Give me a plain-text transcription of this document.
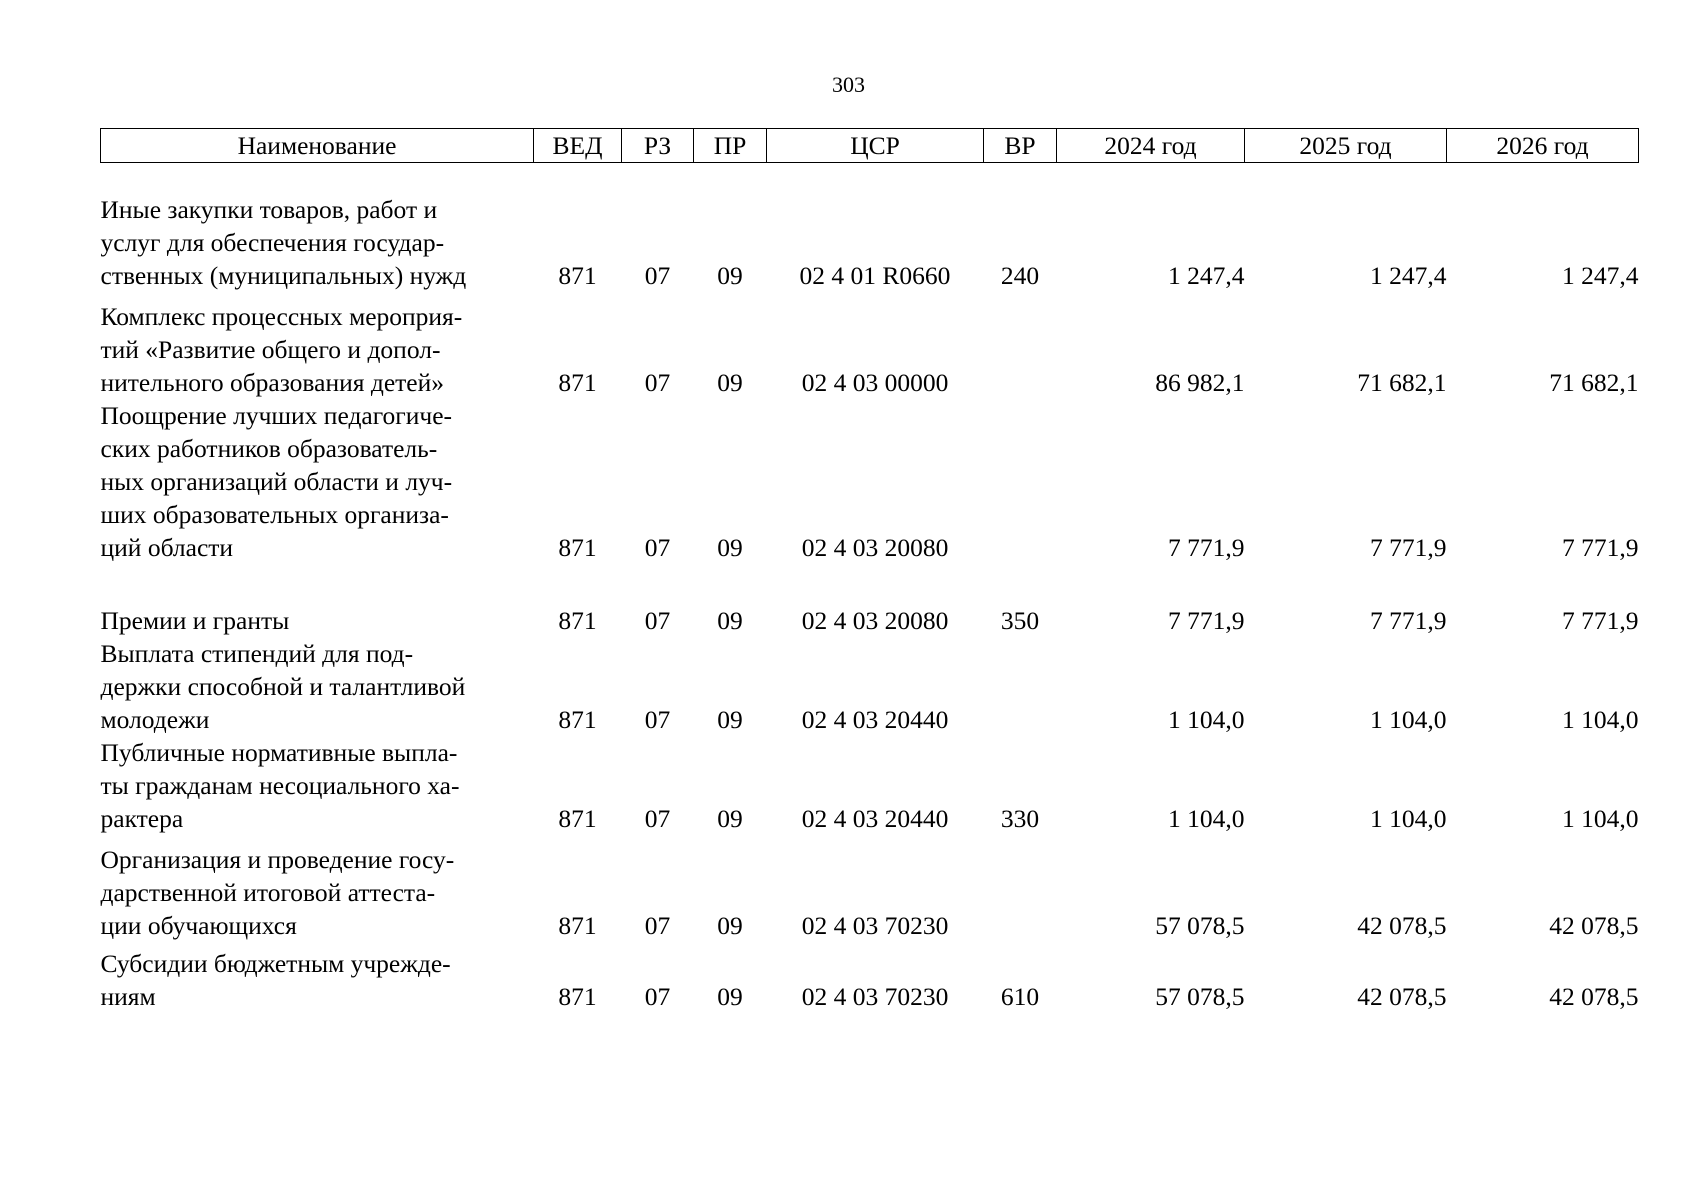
303
Наименование	ВЕД	РЗ	ПР	ЦСР	ВР	2024 год	2025 год	2026 год

Иные закупки товаров, работ и
услуг для обеспечения государ-
ственных (муниципальных) нужд	871	07	09	02 4 01 R0660	240	1 247,4	1 247,4	1 247,4

Комплекс процессных мероприя-
тий «Развитие общего и допол-
нительного образования детей»	871	07	09	02 4 03 00000		86 982,1	71 682,1	71 682,1

Поощрение лучших педагогиче-
ских работников образователь-
ных организаций области и луч-
ших образовательных организа-
ций области	871	07	09	02 4 03 20080		7 771,9	7 771,9	7 771,9

Премии и гранты	871	07	09	02 4 03 20080	350	7 771,9	7 771,9	7 771,9

Выплата стипендий для под-
держки способной и талантливой
молодежи	871	07	09	02 4 03 20440		1 104,0	1 104,0	1 104,0

Публичные нормативные выпла-
ты гражданам несоциального ха-
рактера	871	07	09	02 4 03 20440	330	1 104,0	1 104,0	1 104,0

Организация и проведение госу-
дарственной итоговой аттеста-
ции обучающихся	871	07	09	02 4 03 70230		57 078,5	42 078,5	42 078,5

Субсидии бюджетным учрежде-
ниям	871	07	09	02 4 03 70230	610	57 078,5	42 078,5	42 078,5
